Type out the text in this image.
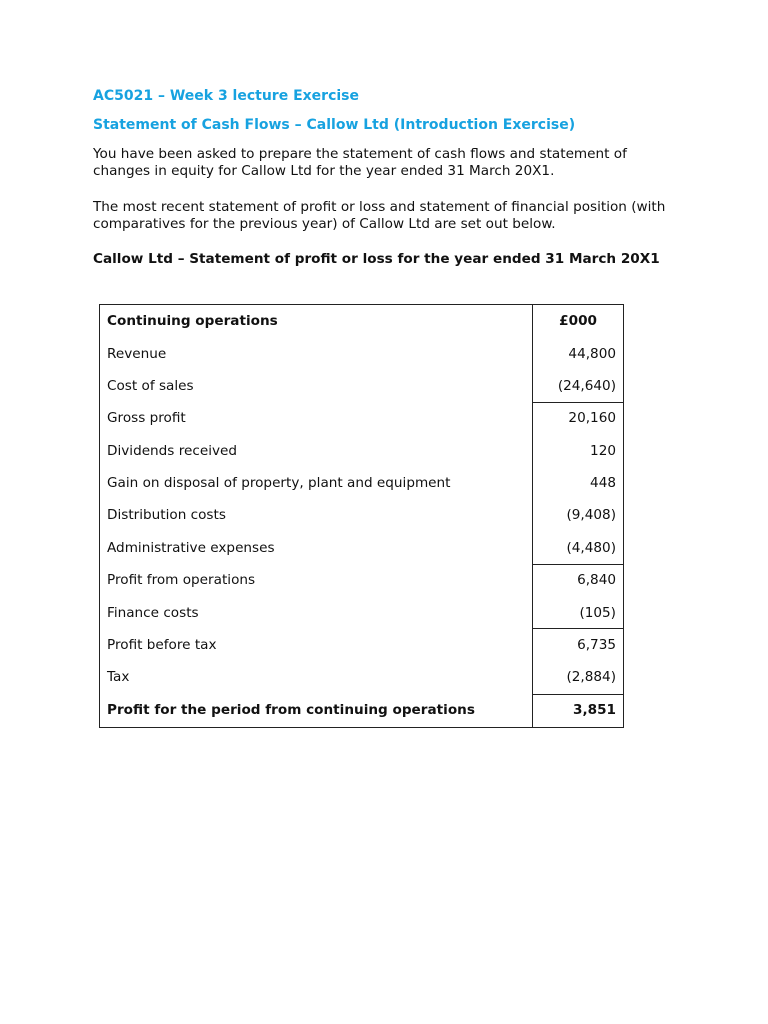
AC5021 – Week 3 lecture Exercise
Statement of Cash Flows – Callow Ltd (Introduction Exercise)
You have been asked to prepare the statement of cash flows and statement of
changes in equity for Callow Ltd for the year ended 31 March 20X1.
The most recent statement of profit or loss and statement of financial position (with
comparatives for the previous year) of Callow Ltd are set out below.
Callow Ltd – Statement of profit or loss for the year ended 31 March 20X1
Continuing operations	£000
Revenue	44,800
Cost of sales	(24,640)
Gross profit	20,160
Dividends received	120
Gain on disposal of property, plant and equipment	448
Distribution costs	(9,408)
Administrative expenses	(4,480)
Profit from operations	6,840
Finance costs	(105)
Profit before tax	6,735
Tax	(2,884)
Profit for the period from continuing operations	3,851
